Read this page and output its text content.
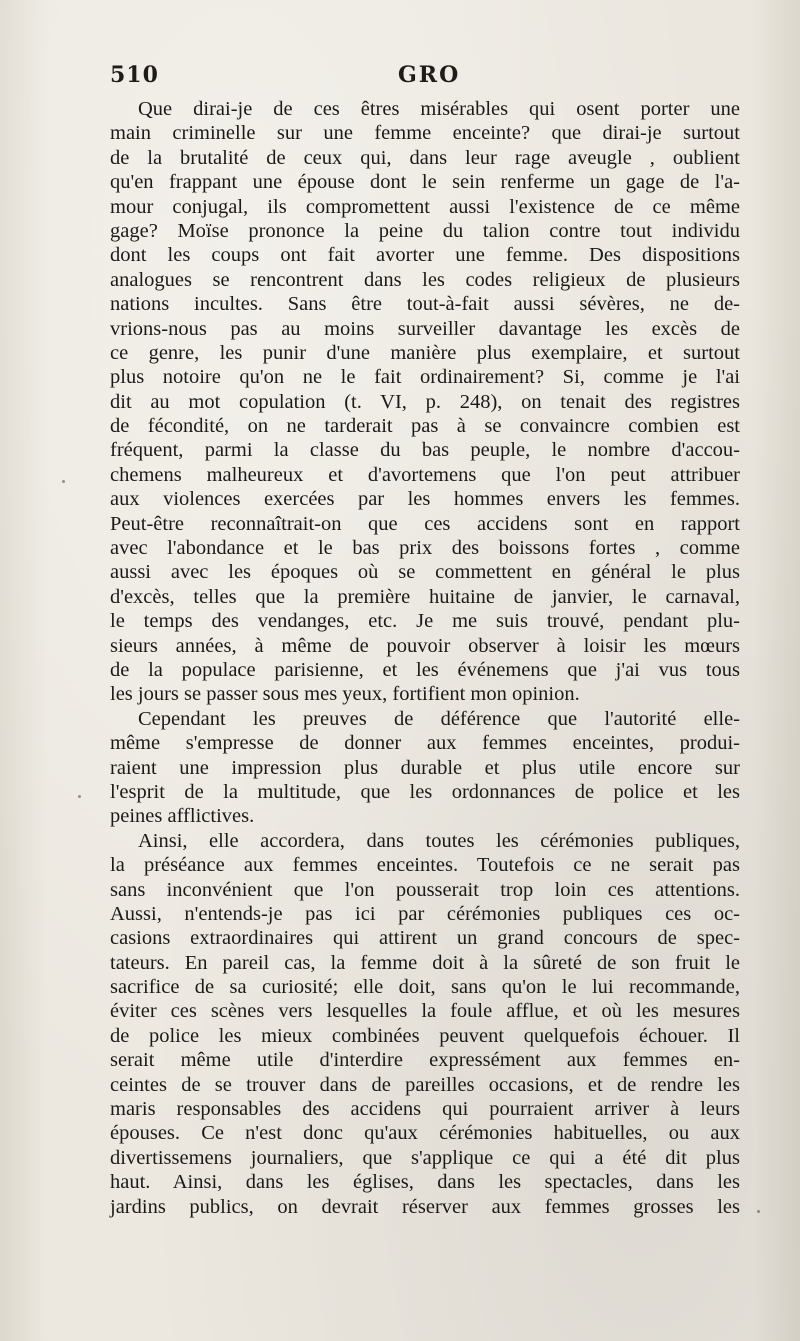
510	GRO
Que dirai-je de ces êtres misérables qui osent porter une
main criminelle sur une femme enceinte? que dirai-je surtout
de la brutalité de ceux qui, dans leur rage aveugle , oublient
qu'en frappant une épouse dont le sein renferme un gage de l'a-
mour conjugal, ils compromettent aussi l'existence de ce même
gage? Moïse prononce la peine du talion contre tout individu
dont les coups ont fait avorter une femme. Des dispositions
analogues se rencontrent dans les codes religieux de plusieurs
nations incultes. Sans être tout-à-fait aussi sévères, ne de-
vrions-nous pas au moins surveiller davantage les excès de
ce genre, les punir d'une manière plus exemplaire, et surtout
plus notoire qu'on ne le fait ordinairement? Si, comme je l'ai
dit au mot copulation (t. VI, p. 248), on tenait des registres
de fécondité, on ne tarderait pas à se convaincre combien est
fréquent, parmi la classe du bas peuple, le nombre d'accou-
chemens malheureux et d'avortemens que l'on peut attribuer
aux violences exercées par les hommes envers les femmes.
Peut-être reconnaîtrait-on que ces accidens sont en rapport
avec l'abondance et le bas prix des boissons fortes , comme
aussi avec les époques où se commettent en général le plus
d'excès, telles que la première huitaine de janvier, le carnaval,
le temps des vendanges, etc. Je me suis trouvé, pendant plu-
sieurs années, à même de pouvoir observer à loisir les mœurs
de la populace parisienne, et les événemens que j'ai vus tous
les jours se passer sous mes yeux, fortifient mon opinion.
Cependant les preuves de déférence que l'autorité elle-
même s'empresse de donner aux femmes enceintes, produi-
raient une impression plus durable et plus utile encore sur
l'esprit de la multitude, que les ordonnances de police et les
peines afflictives.
Ainsi, elle accordera, dans toutes les cérémonies publiques,
la préséance aux femmes enceintes. Toutefois ce ne serait pas
sans inconvénient que l'on pousserait trop loin ces attentions.
Aussi, n'entends-je pas ici par cérémonies publiques ces oc-
casions extraordinaires qui attirent un grand concours de spec-
tateurs. En pareil cas, la femme doit à la sûreté de son fruit le
sacrifice de sa curiosité; elle doit, sans qu'on le lui recommande,
éviter ces scènes vers lesquelles la foule afflue, et où les mesures
de police les mieux combinées peuvent quelquefois échouer. Il
serait même utile d'interdire expressément aux femmes en-
ceintes de se trouver dans de pareilles occasions, et de rendre les
maris responsables des accidens qui pourraient arriver à leurs
épouses. Ce n'est donc qu'aux cérémonies habituelles, ou aux
divertissemens journaliers, que s'applique ce qui a été dit plus
haut. Ainsi, dans les églises, dans les spectacles, dans les
jardins publics, on devrait réserver aux femmes grosses les
